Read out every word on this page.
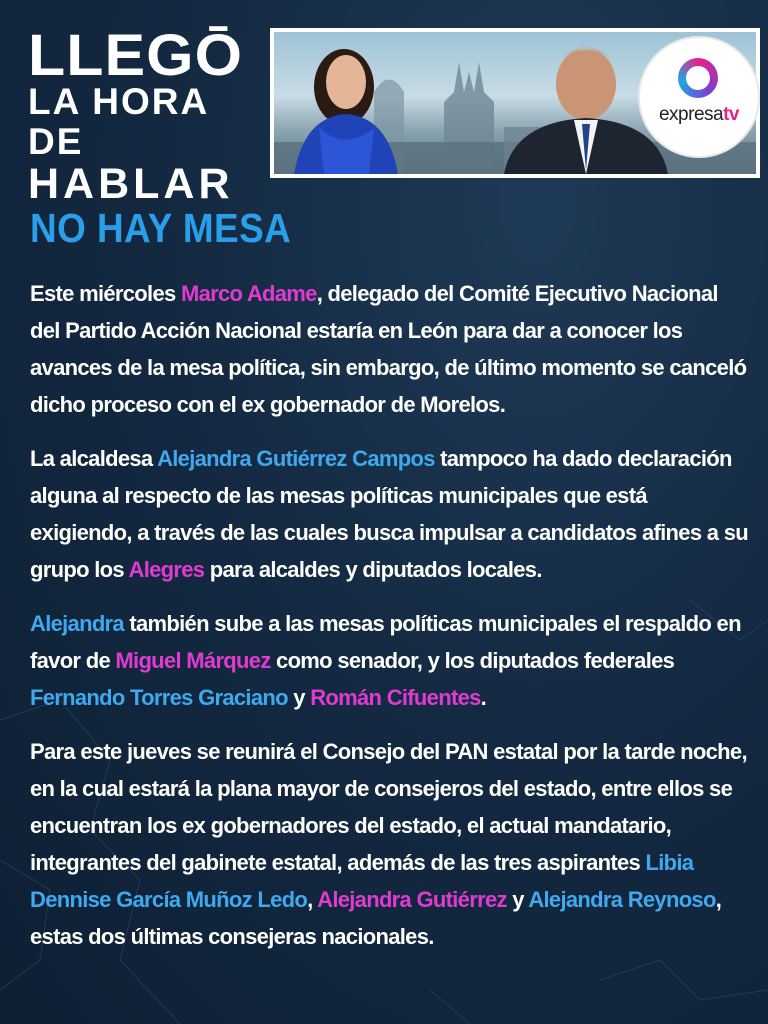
LLEGŌ
LA HORA DE
HABLAR
expresatv
NO HAY MESA

Este miércoles Marco Adame, delegado del Comité Ejecutivo Nacional del Partido Acción Nacional estaría en León para dar a conocer los avances de la mesa política, sin embargo, de último momento se canceló dicho proceso con el ex gobernador de Morelos.

La alcaldesa Alejandra Gutiérrez Campos tampoco ha dado declaración alguna al respecto de las mesas políticas municipales que está exigiendo, a través de las cuales busca impulsar a candidatos afines a su grupo los Alegres para alcaldes y diputados locales.

Alejandra también sube a las mesas políticas municipales el respaldo en favor de Miguel Márquez como senador, y los diputados federales Fernando Torres Graciano y Román Cifuentes.

Para este jueves se reunirá el Consejo del PAN estatal por la tarde noche, en la cual estará la plana mayor de consejeros del estado, entre ellos se encuentran los ex gobernadores del estado, el actual mandatario, integrantes del gabinete estatal, además de las tres aspirantes Libia Dennise García Muñoz Ledo, Alejandra Gutiérrez y Alejandra Reynoso, estas dos últimas consejeras nacionales.
